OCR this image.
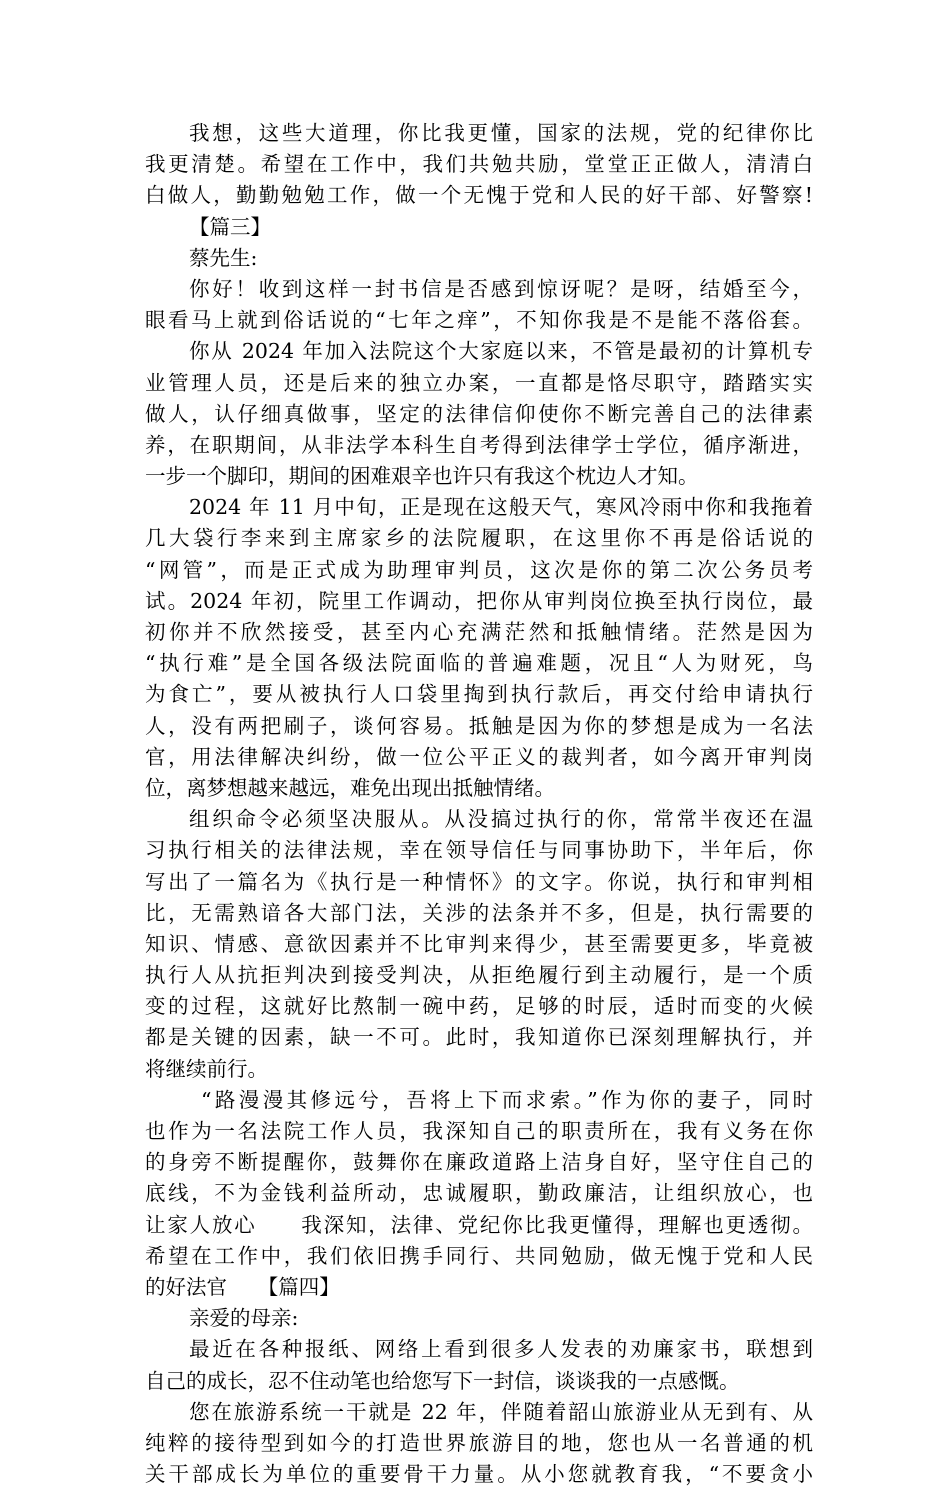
我想，这些大道理，你比我更懂，国家的法规，党的纪律你比
我更清楚。希望在工作中，我们共勉共励，堂堂正正做人，清清白
白做人，勤勤勉勉工作，做一个无愧于党和人民的好干部、好警察!
【篇三】
蔡先生:
你好！收到这样一封书信是否感到惊讶呢？是呀，结婚至今，
眼看马上就到俗话说的“七年之痒”，不知你我是不是能不落俗套。
你从 2024 年加入法院这个大家庭以来，不管是最初的计算机专
业管理人员，还是后来的独立办案，一直都是恪尽职守，踏踏实实
做人，认仔细真做事，坚定的法律信仰使你不断完善自己的法律素
养，在职期间，从非法学本科生自考得到法律学士学位，循序渐进，
一步一个脚印，期间的困难艰辛也许只有我这个枕边人才知。
2024 年 11 月中旬，正是现在这般天气，寒风冷雨中你和我拖着
几大袋行李来到主席家乡的法院履职，在这里你不再是俗话说的
“网管”，而是正式成为助理审判员，这次是你的第二次公务员考
试。2024 年初，院里工作调动，把你从审判岗位换至执行岗位，最
初你并不欣然接受，甚至内心充满茫然和抵触情绪。茫然是因为
“执行难”是全国各级法院面临的普遍难题，况且“人为财死，鸟
为食亡”，要从被执行人口袋里掏到执行款后，再交付给申请执行
人，没有两把刷子，谈何容易。抵触是因为你的梦想是成为一名法
官，用法律解决纠纷，做一位公平正义的裁判者，如今离开审判岗
位，离梦想越来越远，难免出现出抵触情绪。
组织命令必须坚决服从。从没搞过执行的你，常常半夜还在温
习执行相关的法律法规，幸在领导信任与同事协助下，半年后，你
写出了一篇名为《执行是一种情怀》的文字。你说，执行和审判相
比，无需熟谙各大部门法，关涉的法条并不多，但是，执行需要的
知识、情感、意欲因素并不比审判来得少，甚至需要更多，毕竟被
执行人从抗拒判决到接受判决，从拒绝履行到主动履行，是一个质
变的过程，这就好比熬制一碗中药，足够的时辰，适时而变的火候
都是关键的因素，缺一不可。此时，我知道你已深刻理解执行，并
将继续前行。
“路漫漫其修远兮，吾将上下而求索。”作为你的妻子，同时
也作为一名法院工作人员，我深知自己的职责所在，我有义务在你
的身旁不断提醒你，鼓舞你在廉政道路上洁身自好，坚守住自己的
底线，不为金钱利益所动，忠诚履职，勤政廉洁，让组织放心，也
让家人放心　　我深知，法律、党纪你比我更懂得，理解也更透彻。
希望在工作中，我们依旧携手同行、共同勉励，做无愧于党和人民
的好法官　　【篇四】
亲爱的母亲:
最近在各种报纸、网络上看到很多人发表的劝廉家书，联想到
自己的成长，忍不住动笔也给您写下一封信，谈谈我的一点感慨。
您在旅游系统一干就是 22 年，伴随着韶山旅游业从无到有、从
纯粹的接待型到如今的打造世界旅游目的地，您也从一名普通的机
关干部成长为单位的重要骨干力量。从小您就教育我，“不要贪小
